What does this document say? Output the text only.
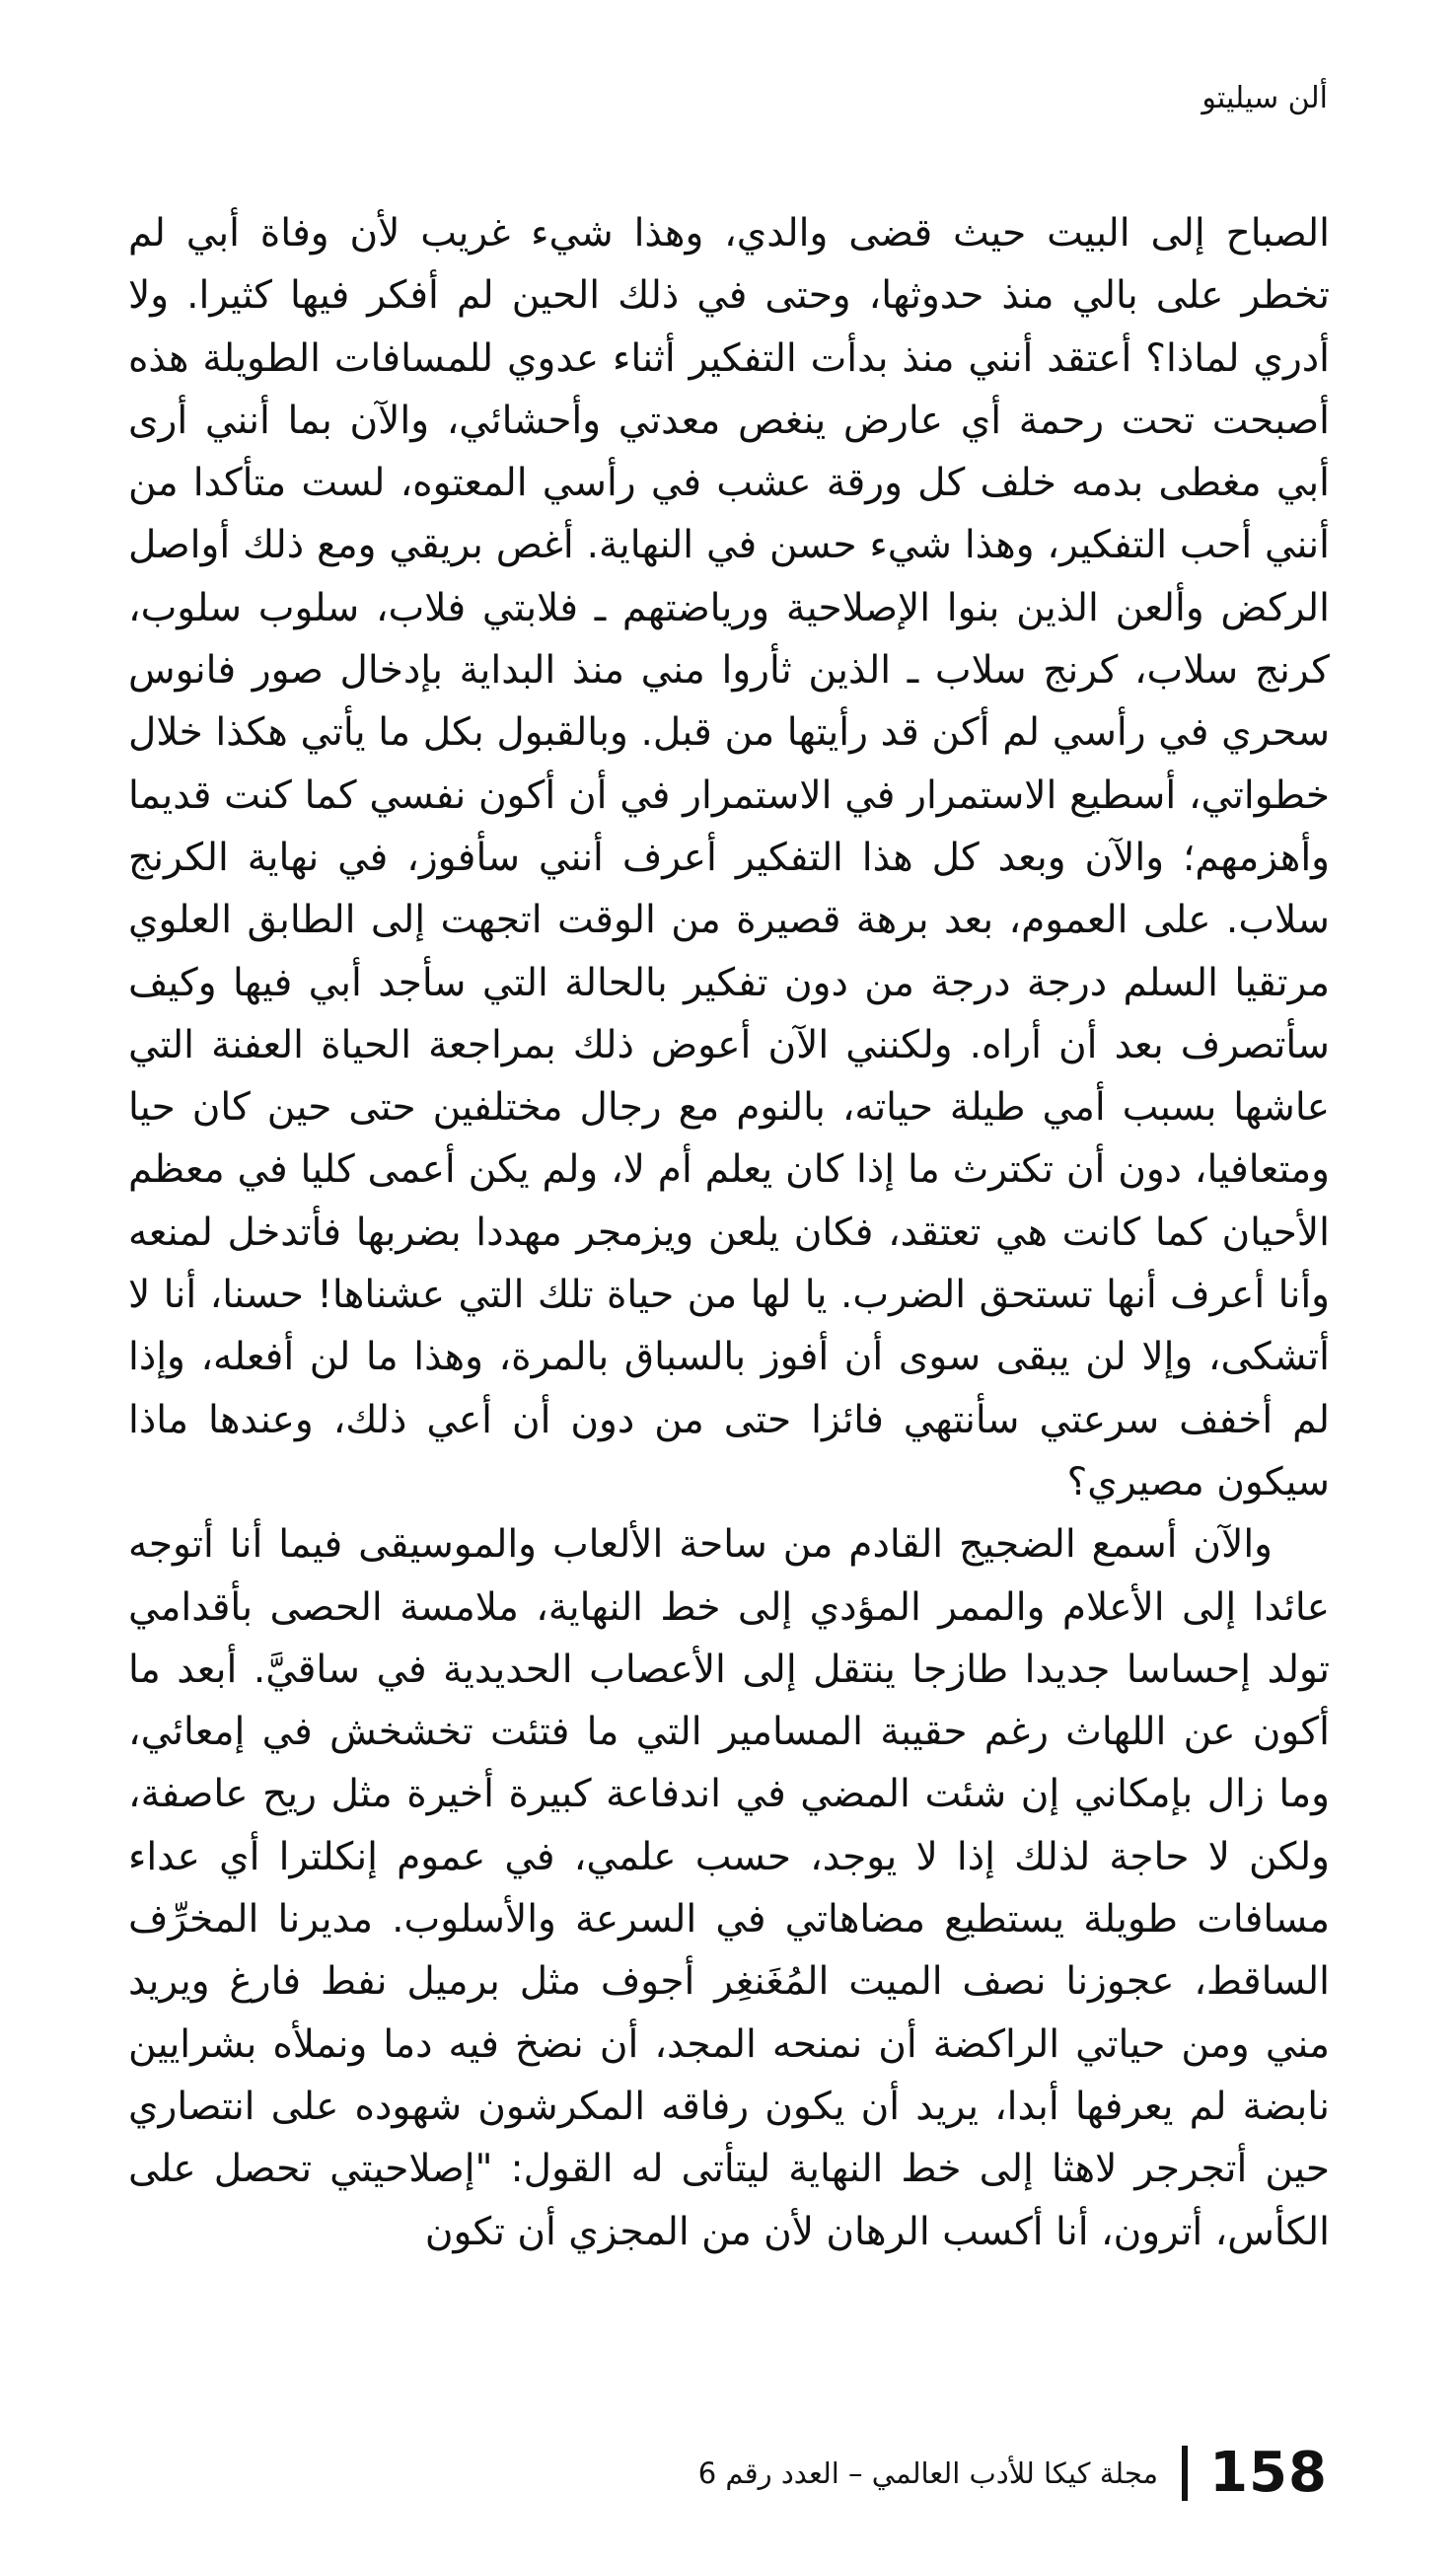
ألن سيليتو

الصباح إلى البيت حيث قضى والدي، وهذا شيء غريب لأن وفاة أبي لم تخطر على بالي منذ حدوثها، وحتى في ذلك الحين لم أفكر فيها كثيرا. ولا أدري لماذا؟ أعتقد أنني منذ بدأت التفكير أثناء عدوي للمسافات الطويلة هذه أصبحت تحت رحمة أي عارض ينغص معدتي وأحشائي، والآن بما أنني أرى أبي مغطى بدمه خلف كل ورقة عشب في رأسي المعتوه، لست متأكدا من أنني أحب التفكير، وهذا شيء حسن في النهاية. أغص بريقي ومع ذلك أواصل الركض وألعن الذين بنوا الإصلاحية ورياضتهم ـ فلابتي فلاب، سلوب سلوب، كرنج سلاب، كرنج سلاب ـ الذين ثأروا مني منذ البداية بإدخال صور فانوس سحري في رأسي لم أكن قد رأيتها من قبل. وبالقبول بكل ما يأتي هكذا خلال خطواتي، أسطيع الاستمرار في الاستمرار في أن أكون نفسي كما كنت قديما وأهزمهم؛ والآن وبعد كل هذا التفكير أعرف أنني سأفوز، في نهاية الكرنج سلاب. على العموم، بعد برهة قصيرة من الوقت اتجهت إلى الطابق العلوي مرتقيا السلم درجة درجة من دون تفكير بالحالة التي سأجد أبي فيها وكيف سأتصرف بعد أن أراه. ولكنني الآن أعوض ذلك بمراجعة الحياة العفنة التي عاشها بسبب أمي طيلة حياته، بالنوم مع رجال مختلفين حتى حين كان حيا ومتعافيا، دون أن تكترث ما إذا كان يعلم أم لا، ولم يكن أعمى كليا في معظم الأحيان كما كانت هي تعتقد، فكان يلعن ويزمجر مهددا بضربها فأتدخل لمنعه وأنا أعرف أنها تستحق الضرب. يا لها من حياة تلك التي عشناها! حسنا، أنا لا أتشكى، وإلا لن يبقى سوى أن أفوز بالسباق بالمرة، وهذا ما لن أفعله، وإذا لم أخفف سرعتي سأنتهي فائزا حتى من دون أن أعي ذلك، وعندها ماذا سيكون مصيري؟

والآن أسمع الضجيج القادم من ساحة الألعاب والموسيقى فيما أنا أتوجه عائدا إلى الأعلام والممر المؤدي إلى خط النهاية، ملامسة الحصى بأقدامي تولد إحساسا جديدا طازجا ينتقل إلى الأعصاب الحديدية في ساقيَّ. أبعد ما أكون عن اللهاث رغم حقيبة المسامير التي ما فتئت تخشخش في إمعائي، وما زال بإمكاني إن شئت المضي في اندفاعة كبيرة أخيرة مثل ريح عاصفة، ولكن لا حاجة لذلك إذا لا يوجد، حسب علمي، في عموم إنكلترا أي عداء مسافات طويلة يستطيع مضاهاتي في السرعة والأسلوب. مديرنا المخرِّف الساقط، عجوزنا نصف الميت المُغَنغِر أجوف مثل برميل نفط فارغ ويريد مني ومن حياتي الراكضة أن نمنحه المجد، أن نضخ فيه دما ونملأه بشرايين نابضة لم يعرفها أبدا، يريد أن يكون رفاقه المكرشون شهوده على انتصاري حين أتجرجر لاهثا إلى خط النهاية ليتأتى له القول: "إصلاحيتي تحصل على الكأس، أترون، أنا أكسب الرهان لأن من المجزي أن تكون

مجلة كيكا للأدب العالمي – العدد رقم 6 158
